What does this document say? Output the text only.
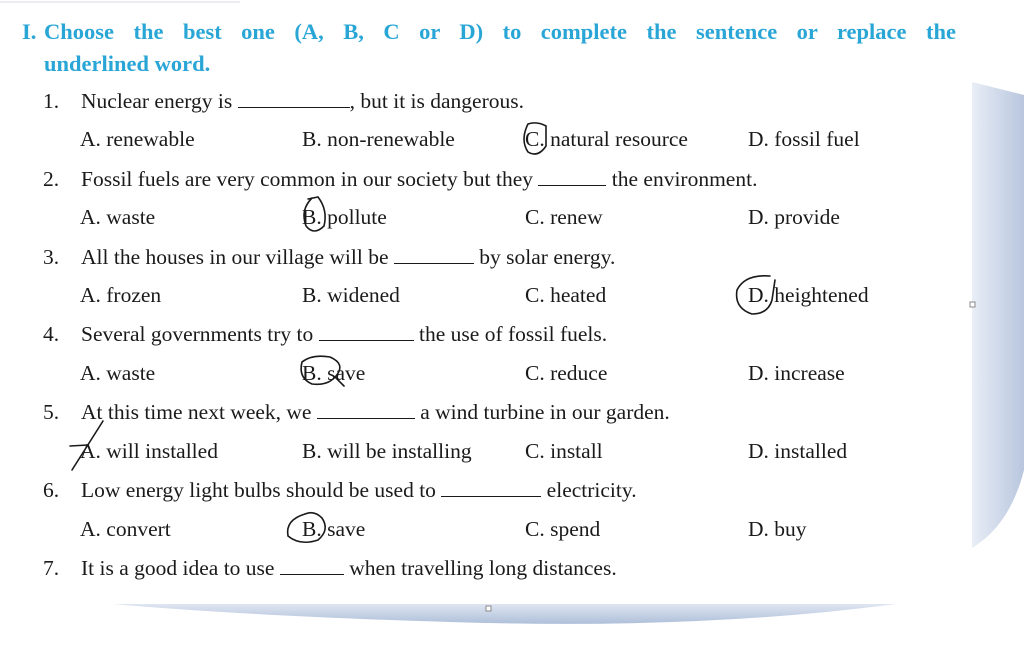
I. Choose the best one (A, B, C or D) to complete the sentence or replace the
underlined word.
1. Nuclear energy is	, but it is dangerous.
A. renewable	B. non-renewable	C. natural resource	D. fossil fuel
2. Fossil fuels are very common in our society but they	the environment.
A. waste	B. pollute	C. renew	D. provide
3. All the houses in our village will be	by solar energy.
A. frozen	B. widened	C. heated	D. heightened
4. Several governments try to	the use of fossil fuels.
A. waste	B. save	C. reduce	D. increase
5. At this time next week, we	a wind turbine in our garden.
A. will installed	B. will be installing C. install	D. installed
6. Low energy light bulbs should be used to	electricity.
A. convert	B. save	C. spend	D. buy
7. It is a good idea to use	when travelling long distances.
